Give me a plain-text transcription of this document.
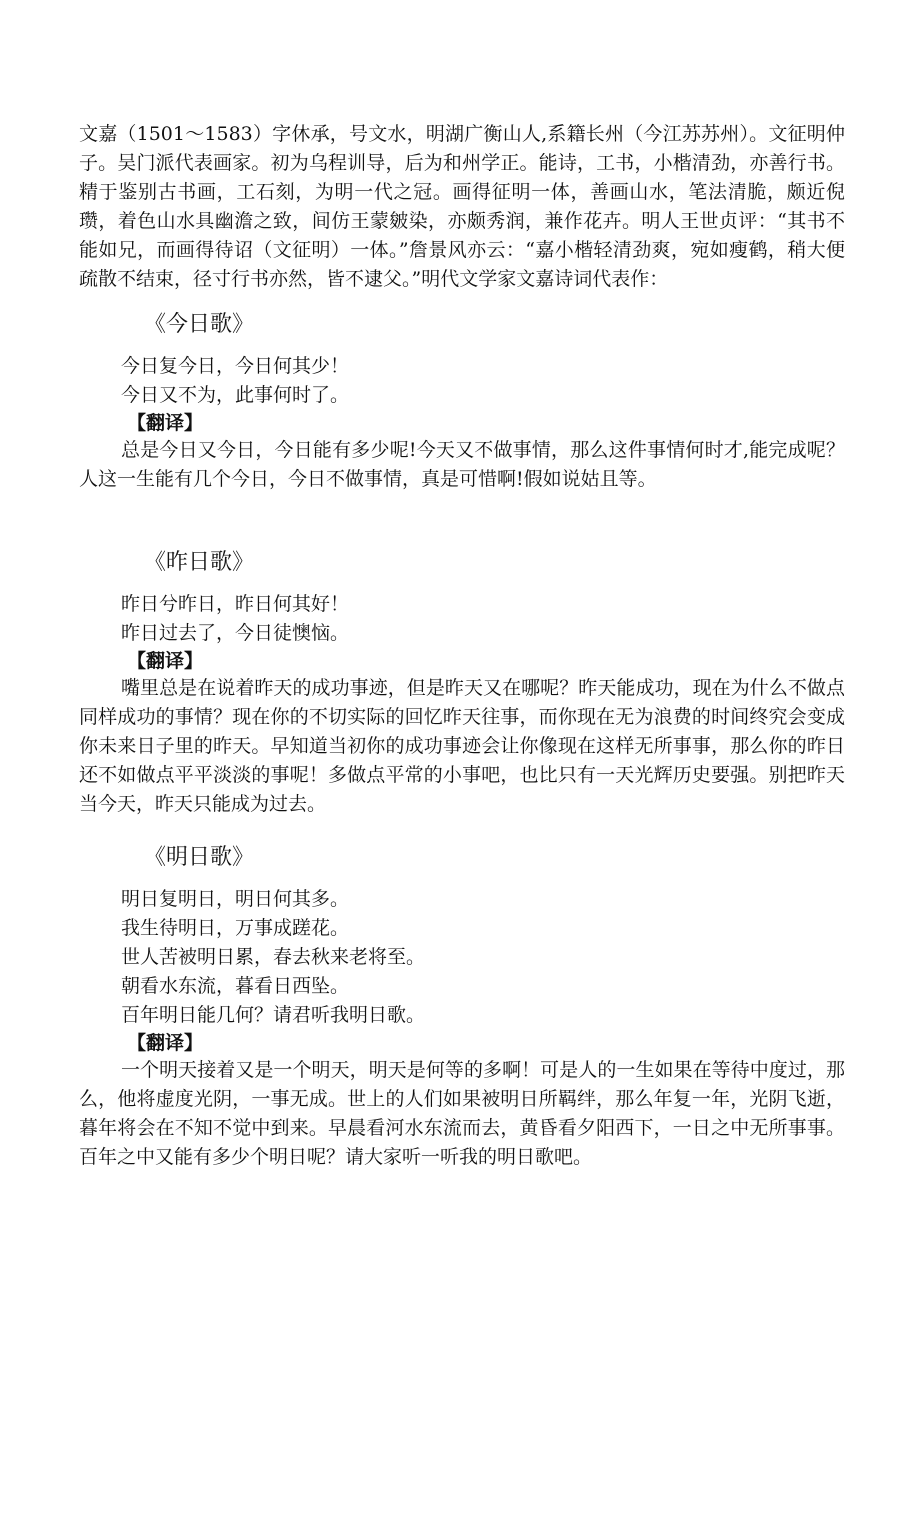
文嘉（1501〜1583）字休承，号文水，明湖广衡山人,系籍长州（今江苏苏州）。文征明仲子。吴门派代表画家。初为乌程训导，后为和州学正。能诗，工书，小楷清劲，亦善行书。精于鉴别古书画，工石刻，为明一代之冠。画得征明一体，善画山水，笔法清脆，颇近倪瓒，着色山水具幽澹之致，间仿王蒙皴染，亦颇秀润，兼作花卉。明人王世贞评：“其书不能如兄，而画得待诏（文征明）一体。”詹景风亦云：“嘉小楷轻清劲爽，宛如瘦鹤，稍大便疏散不结束，径寸行书亦然，皆不逮父。”明代文学家文嘉诗词代表作：

《今日歌》
今日复今日，今日何其少！
今日又不为，此事何时了。
【翻译】

总是今日又今日，今日能有多少呢!今天又不做事情，那么这件事情何时才,能完成呢？人这一生能有几个今日，今日不做事情，真是可惜啊!假如说姑且等。

《昨日歌》
昨日兮昨日，昨日何其好！
昨日过去了，今日徒懊恼。
【翻译】

嘴里总是在说着昨天的成功事迹，但是昨天又在哪呢？昨天能成功，现在为什么不做点同样成功的事情？现在你的不切实际的回忆昨天往事，而你现在无为浪费的时间终究会变成你未来日子里的昨天。早知道当初你的成功事迹会让你像现在这样无所事事，那么你的昨日还不如做点平平淡淡的事呢！多做点平常的小事吧，也比只有一天光辉历史要强。别把昨天当今天，昨天只能成为过去。

《明日歌》
明日复明日，明日何其多。
我生待明日，万事成蹉花。
世人苦被明日累，春去秋来老将至。
朝看水东流，暮看日西坠。
百年明日能几何？请君听我明日歌。
【翻译】

一个明天接着又是一个明天，明天是何等的多啊！可是人的一生如果在等待中度过，那么，他将虚度光阴，一事无成。世上的人们如果被明日所羁绊，那么年复一年，光阴飞逝，暮年将会在不知不觉中到来。早晨看河水东流而去，黄昏看夕阳西下，一日之中无所事事。百年之中又能有多少个明日呢？请大家听一听我的明日歌吧。
